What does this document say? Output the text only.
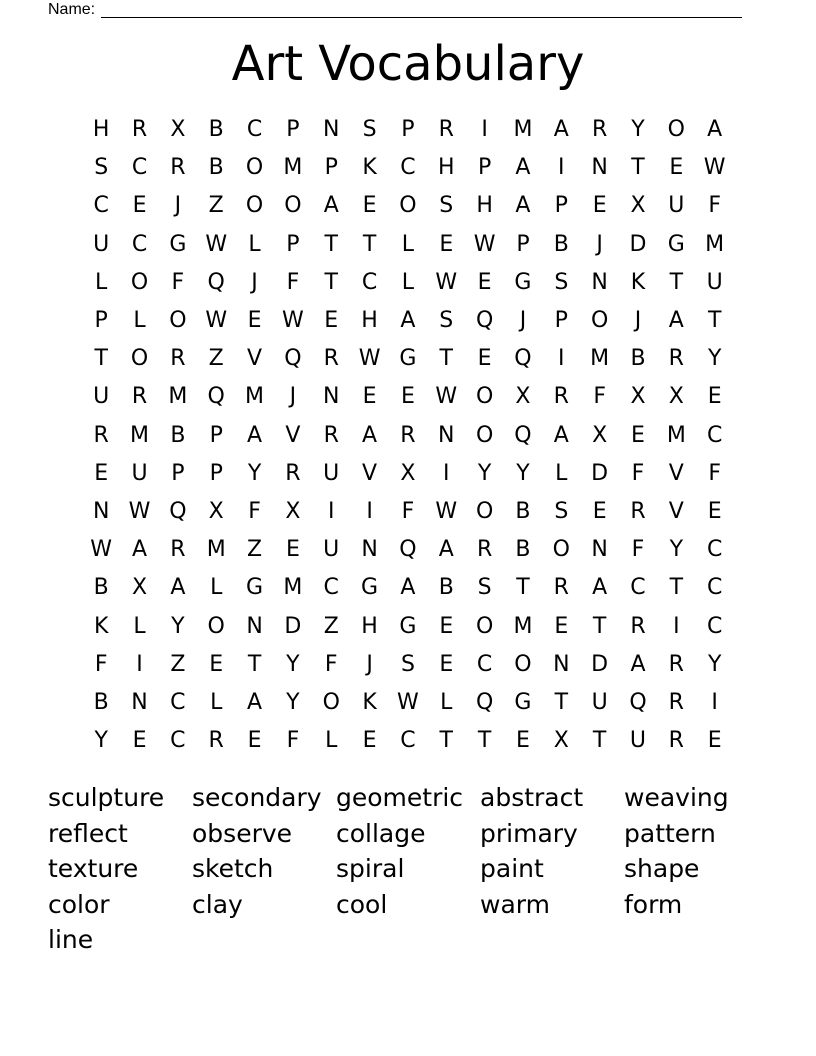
Name:
Art Vocabulary
H	R	X	B	C	P	N	S	P	R	I	M A	R	Y	O	A
S	C	R	B	O M	P	K	C	H	P	A	I	N	T	E W
C	E	J	Z	O O	A	E	O	S	H	A	P	E	X	U	F
U	C	G W L	P	T	T	L	E W P	B	J	D G M
L	O	F	Q	J	F	T	C	L W E	G	S	N	K	T	U
P	L	O W E W E	H	A	S	Q	J	P	O	J	A	T
T	O	R	Z	V	Q	R W G	T	E	Q	I	M B	R	Y
U	R M Q M	J	N	E	E W O	X	R	F	X	X	E
R M B	P	A	V	R	A	R	N O Q	A	X	E M C
E	U	P	P	Y	R	U	V	X	I	Y	Y	L	D	F	V	F
N W Q	X	F	X	I	I	F W O	B	S	E	R	V	E
W A	R M Z	E	U	N Q	A	R	B	O N	F	Y	C
B	X	A	L	G M C	G	A	B	S	T	R	A	C	T	C
K	L	Y	O N D	Z	H G	E	O M E	T	R	I	C
F	I	Z	E	T	Y	F	J	S	E	C O N D	A	R	Y
B	N	C	L	A	Y	O	K W L	Q G	T	U Q	R	I
Y	E	C	R	E	F	L	E	C	T	T	E	X	T	U	R	E
sculpture	secondary geometric abstract	weaving
reflect	observe	collage	primary	pattern
texture	sketch	spiral	paint	shape
color	clay	cool	warm	form
line
